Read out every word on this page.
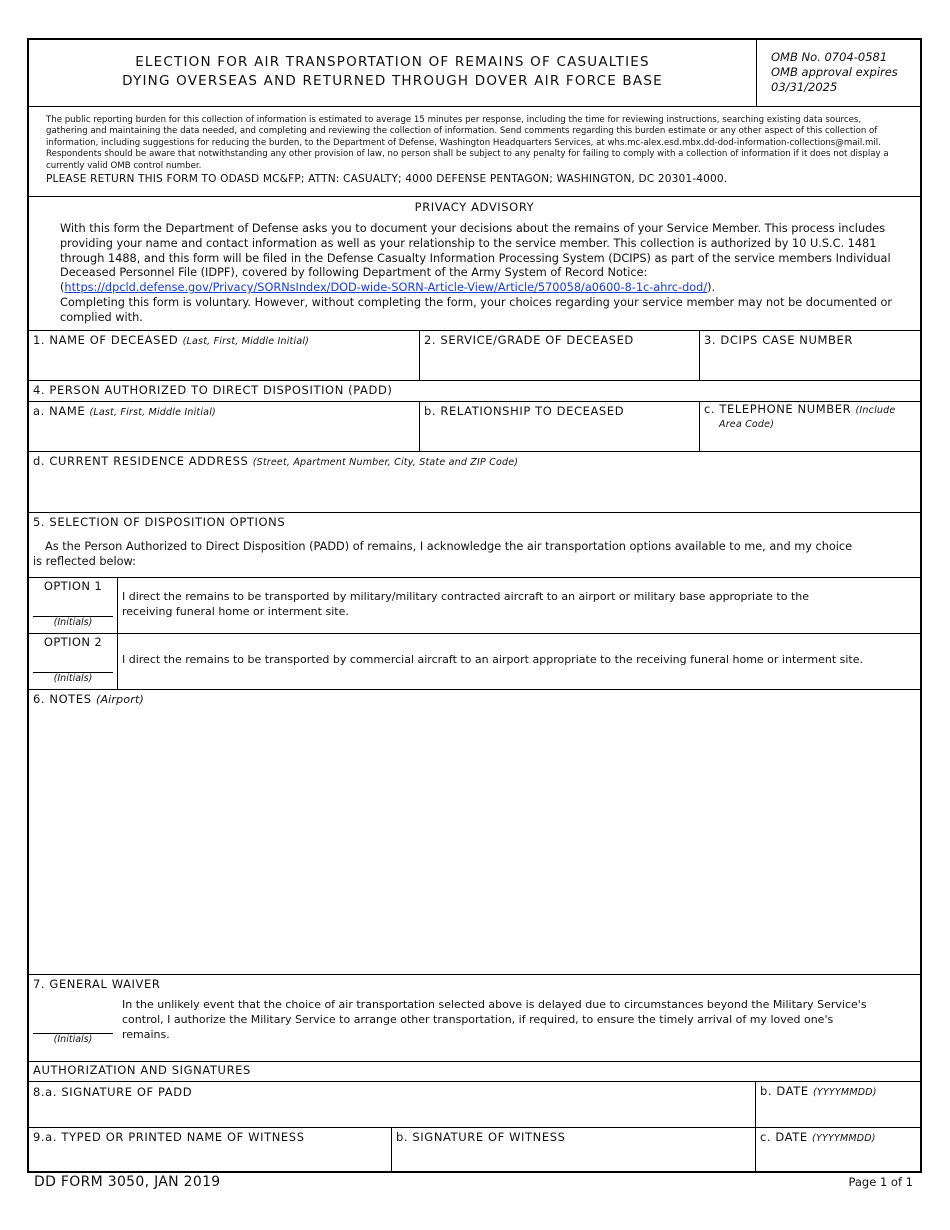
ELECTION FOR AIR TRANSPORTATION OF REMAINS OF CASUALTIES
DYING OVERSEAS AND RETURNED THROUGH DOVER AIR FORCE BASE
OMB No. 0704-0581
OMB approval expires
03/31/2025
The public reporting burden for this collection of information is estimated to average 15 minutes per response, including the time for reviewing instructions, searching existing data sources, gathering and maintaining the data needed, and completing and reviewing the collection of information. Send comments regarding this burden estimate or any other aspect of this collection of information, including suggestions for reducing the burden, to the Department of Defense, Washington Headquarters Services, at whs.mc-alex.esd.mbx.dd-dod-information-collections@mail.mil. Respondents should be aware that notwithstanding any other provision of law, no person shall be subject to any penalty for failing to comply with a collection of information if it does not display a currently valid OMB control number.
PLEASE RETURN THIS FORM TO ODASD MC&FP; ATTN: CASUALTY; 4000 DEFENSE PENTAGON; WASHINGTON, DC 20301-4000.
PRIVACY ADVISORY
With this form the Department of Defense asks you to document your decisions about the remains of your Service Member. This process includes providing your name and contact information as well as your relationship to the service member. This collection is authorized by 10 U.S.C. 1481 through 1488, and this form will be filed in the Defense Casualty Information Processing System (DCIPS) as part of the service members Individual Deceased Personnel File (IDPF), covered by following Department of the Army System of Record Notice:
(https://dpcld.defense.gov/Privacy/SORNsIndex/DOD-wide-SORN-Article-View/Article/570058/a0600-8-1c-ahrc-dod/).
Completing this form is voluntary. However, without completing the form, your choices regarding your service member may not be documented or complied with.
1. NAME OF DECEASED (Last, First, Middle Initial)	2. SERVICE/GRADE OF DECEASED	3. DCIPS CASE NUMBER
4. PERSON AUTHORIZED TO DIRECT DISPOSITION (PADD)
a. NAME (Last, First, Middle Initial)	b. RELATIONSHIP TO DECEASED	c. TELEPHONE NUMBER (Include
Area Code)
d. CURRENT RESIDENCE ADDRESS (Street, Apartment Number, City, State and ZIP Code)
5. SELECTION OF DISPOSITION OPTIONS
As the Person Authorized to Direct Disposition (PADD) of remains, I acknowledge the air transportation options available to me, and my choice is reflected below:
OPTION 1
(Initials)
I direct the remains to be transported by military/military contracted aircraft to an airport or military base appropriate to the receiving funeral home or interment site.
OPTION 2
(Initials)
I direct the remains to be transported by commercial aircraft to an airport appropriate to the receiving funeral home or interment site.
6. NOTES (Airport)
7. GENERAL WAIVER
In the unlikely event that the choice of air transportation selected above is delayed due to circumstances beyond the Military Service's control, I authorize the Military Service to arrange other transportation, if required, to ensure the timely arrival of my loved one's remains.
(Initials)
AUTHORIZATION AND SIGNATURES
8.a. SIGNATURE OF PADD	b. DATE (YYYYMMDD)
9.a. TYPED OR PRINTED NAME OF WITNESS	b. SIGNATURE OF WITNESS	c. DATE (YYYYMMDD)
DD FORM 3050, JAN 2019	Page 1 of 1
